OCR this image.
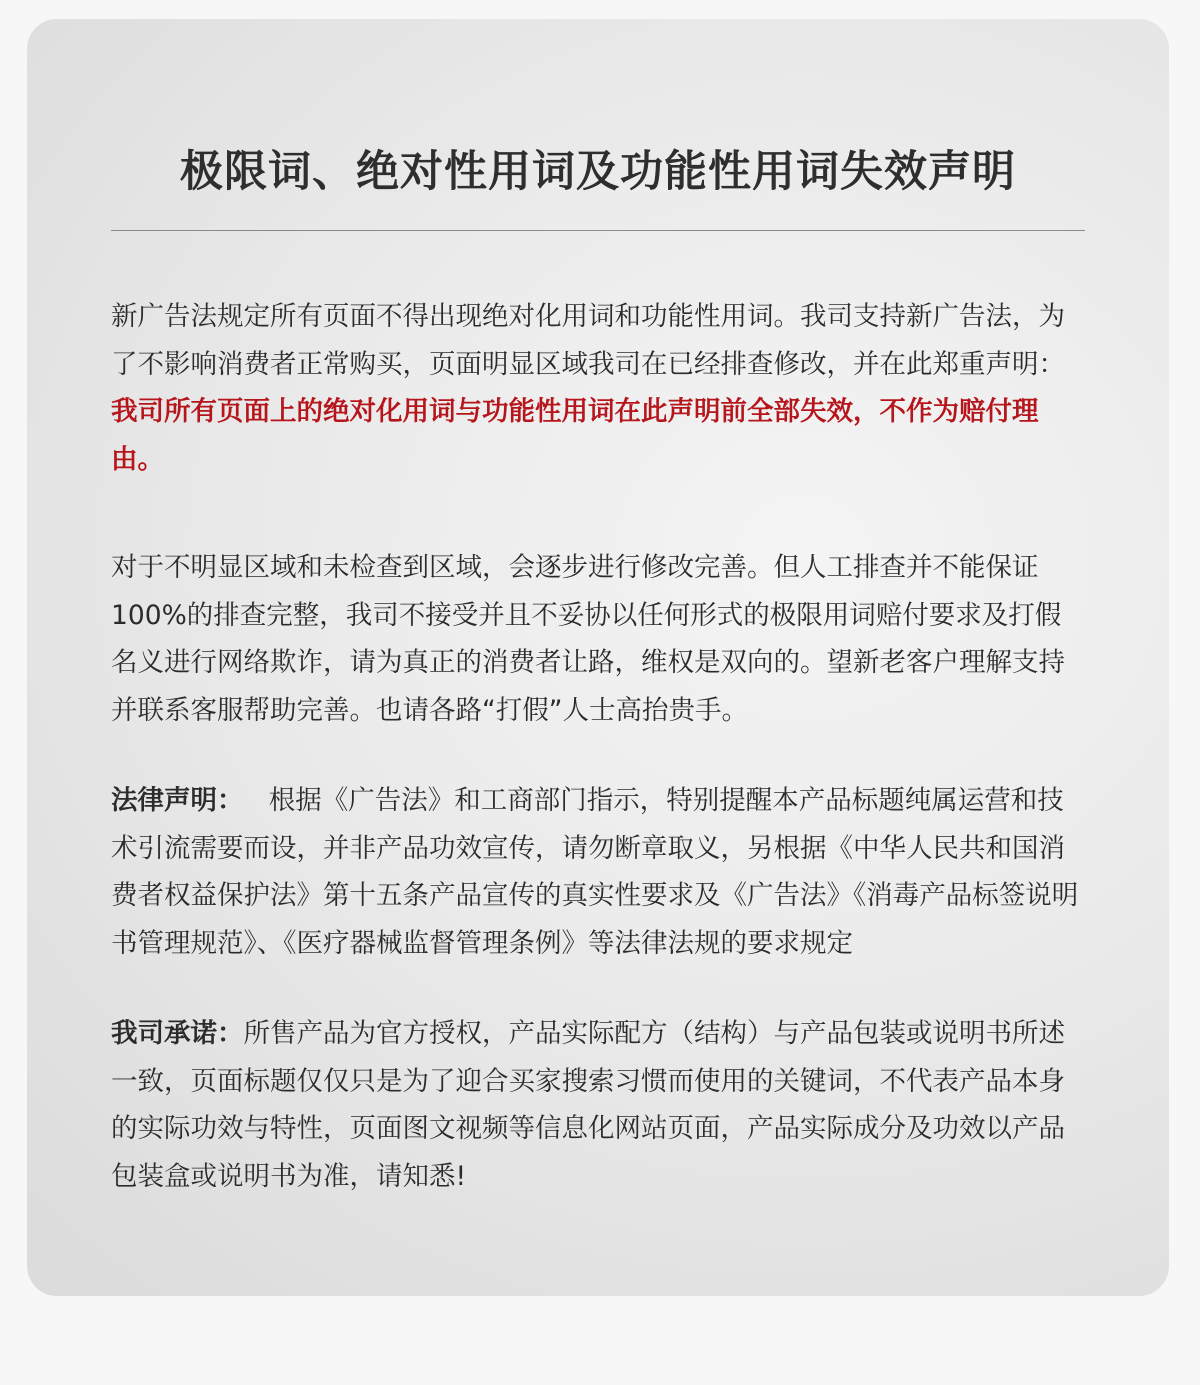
极限词、绝对性用词及功能性用词失效声明

新广告法规定所有页面不得出现绝对化用词和功能性用词。我司支持新广告法，为了不影响消费者正常购买，页面明显区域我司在已经排查修改，并在此郑重声明：我司所有页面上的绝对化用词与功能性用词在此声明前全部失效，不作为赔付理由。

对于不明显区域和未检查到区域，会逐步进行修改完善。但人工排查并不能保证100%的排查完整，我司不接受并且不妥协以任何形式的极限用词赔付要求及打假名义进行网络欺诈，请为真正的消费者让路，维权是双向的。望新老客户理解支持并联系客服帮助完善。也请各路“打假”人士高抬贵手。

法律声明： 根据《广告法》和工商部门指示，特别提醒本产品标题纯属运营和技术引流需要而设，并非产品功效宣传，请勿断章取义，另根据《中华人民共和国消费者权益保护法》第十五条产品宣传的真实性要求及《广告法》《消毒产品标签说明书管理规范》、《医疗器械监督管理条例》等法律法规的要求规定

我司承诺：所售产品为官方授权，产品实际配方（结构）与产品包装或说明书所述一致，页面标题仅仅只是为了迎合买家搜索习惯而使用的关键词，不代表产品本身的实际功效与特性，页面图文视频等信息化网站页面，产品实际成分及功效以产品包装盒或说明书为准，请知悉!
